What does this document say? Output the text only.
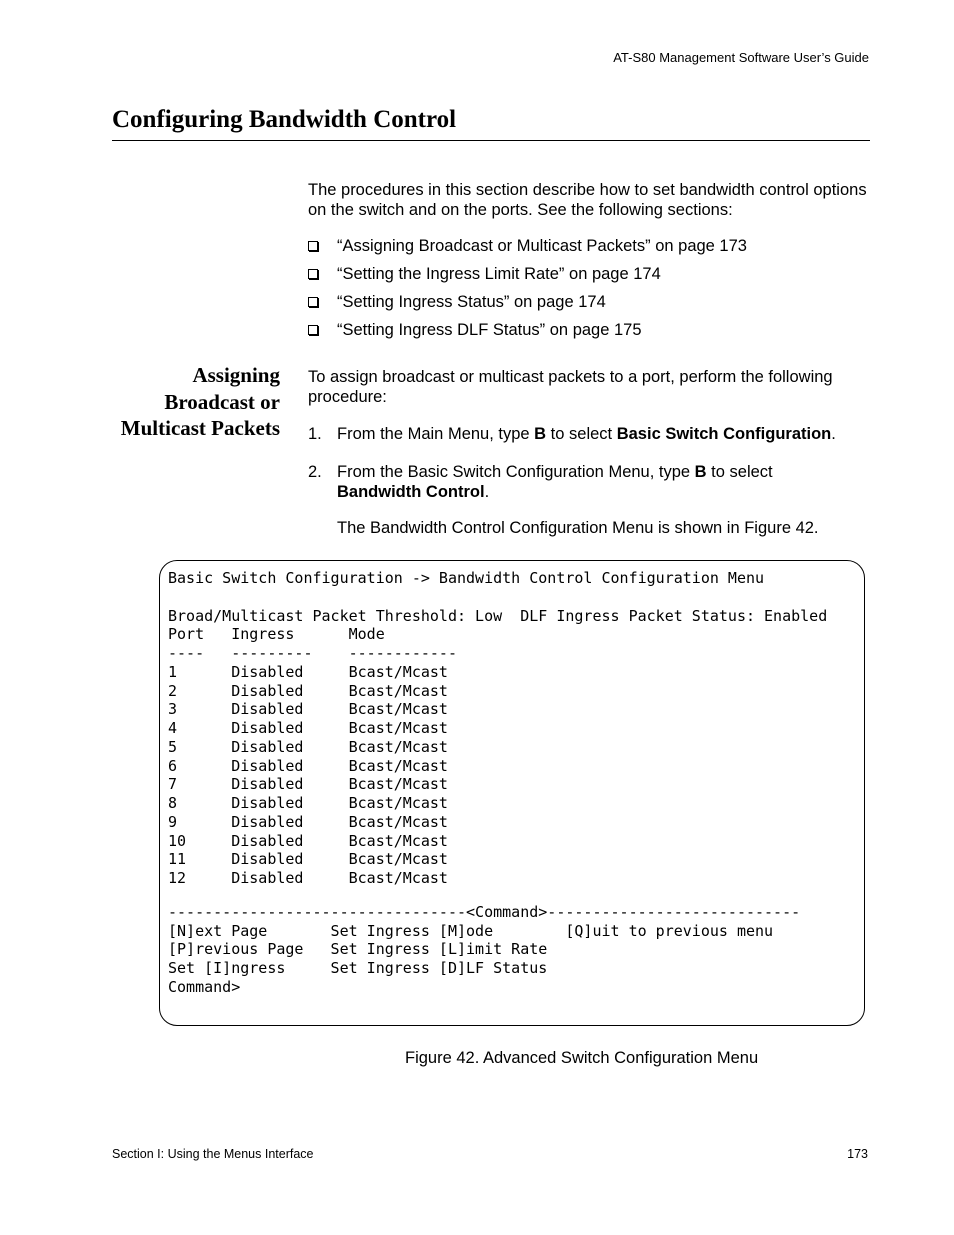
AT-S80 Management Software User’s Guide
Configuring Bandwidth Control
The procedures in this section describe how to set bandwidth control options on the switch and on the ports. See the following sections:
“Assigning Broadcast or Multicast Packets” on page 173
“Setting the Ingress Limit Rate” on page 174
“Setting Ingress Status” on page 174
“Setting Ingress DLF Status” on page 175
Assigning
Broadcast or
Multicast Packets
To assign broadcast or multicast packets to a port, perform the following procedure:
1. From the Main Menu, type B to select Basic Switch Configuration.
2. From the Basic Switch Configuration Menu, type B to select
Bandwidth Control.
The Bandwidth Control Configuration Menu is shown in Figure 42.
Basic Switch Configuration -> Bandwidth Control Configuration Menu
Broad/Multicast Packet Threshold: Low  DLF Ingress Packet Status: Enabled
Port   Ingress      Mode
----   ---------    ------------
1      Disabled     Bcast/Mcast
2      Disabled     Bcast/Mcast
3      Disabled     Bcast/Mcast
4      Disabled     Bcast/Mcast
5      Disabled     Bcast/Mcast
6      Disabled     Bcast/Mcast
7      Disabled     Bcast/Mcast
8      Disabled     Bcast/Mcast
9      Disabled     Bcast/Mcast
10     Disabled     Bcast/Mcast
11     Disabled     Bcast/Mcast
12     Disabled     Bcast/Mcast
---------------------------------<Command>----------------------------
[N]ext Page       Set Ingress [M]ode        [Q]uit to previous menu
[P]revious Page   Set Ingress [L]imit Rate
Set [I]ngress     Set Ingress [D]LF Status
Command>
Figure 42. Advanced Switch Configuration Menu
Section I: Using the Menus Interface	173
